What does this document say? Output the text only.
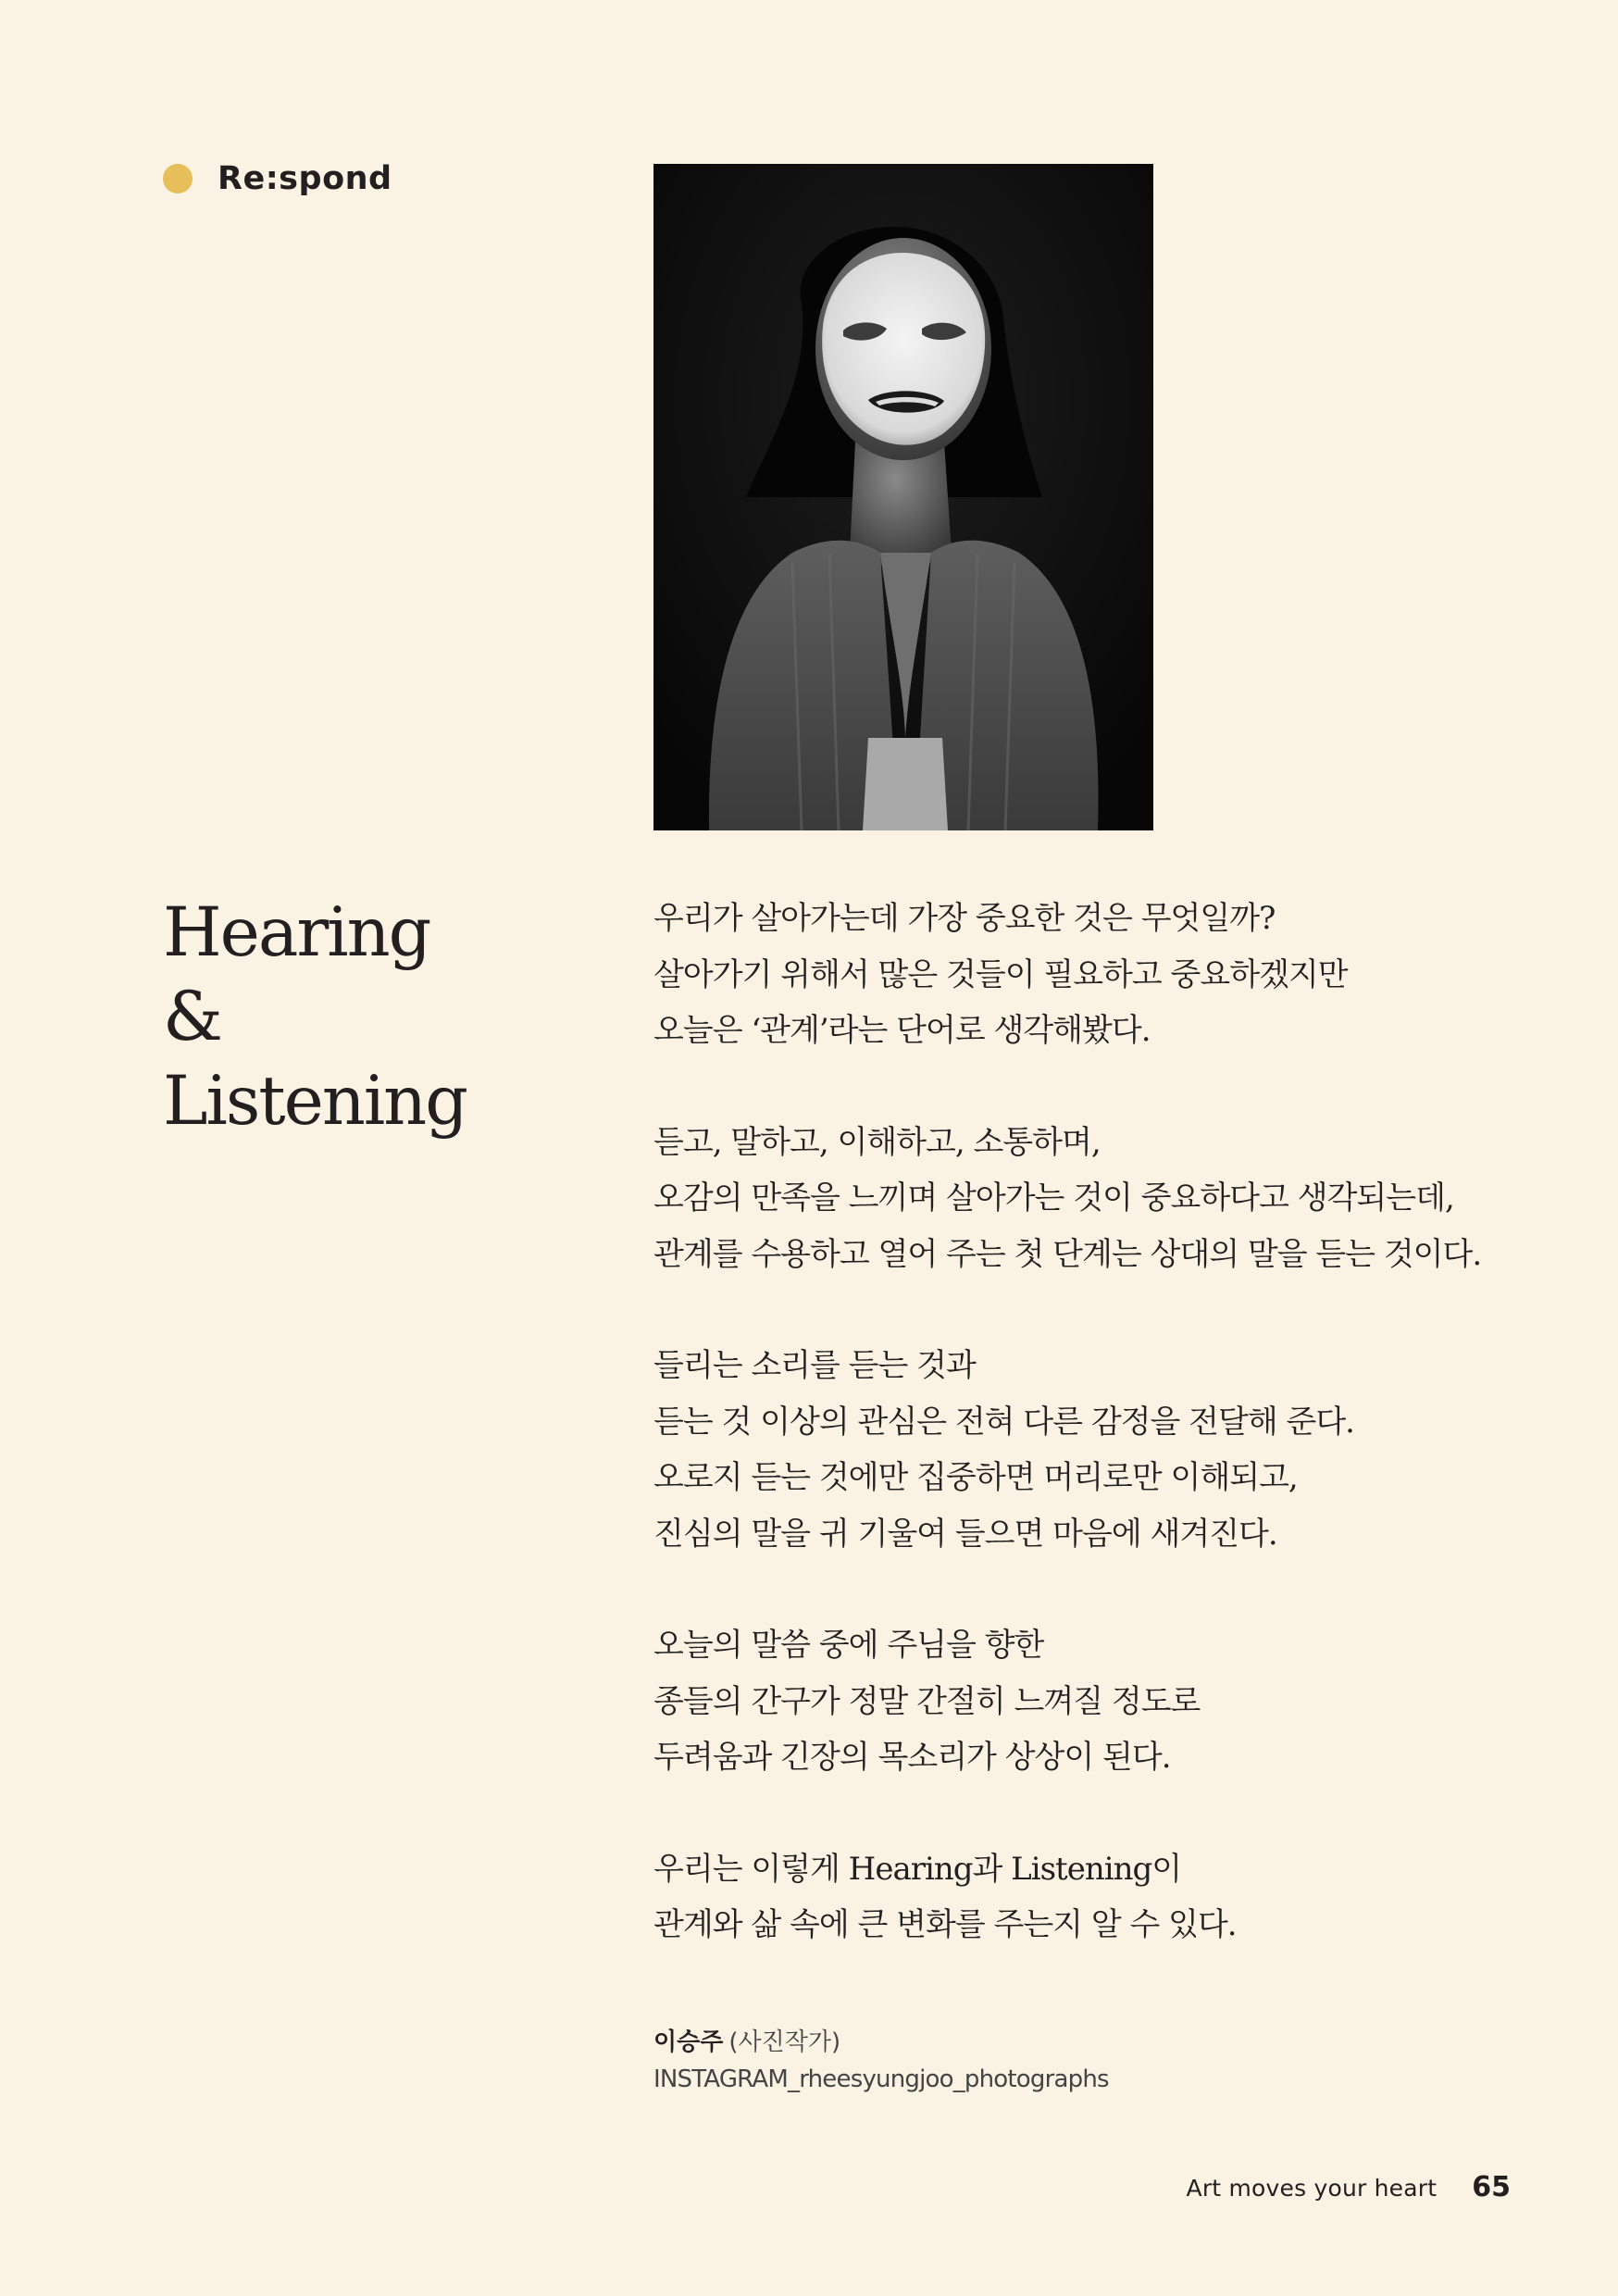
Re:spond
Hearing
&
Listening

우리가 살아가는데 가장 중요한 것은 무엇일까?
살아가기 위해서 많은 것들이 필요하고 중요하겠지만
오늘은 ‘관계’라는 단어로 생각해봤다.

듣고, 말하고, 이해하고, 소통하며,
오감의 만족을 느끼며 살아가는 것이 중요하다고 생각되는데,
관계를 수용하고 열어 주는 첫 단계는 상대의 말을 듣는 것이다.

들리는 소리를 듣는 것과
듣는 것 이상의 관심은 전혀 다른 감정을 전달해 준다.
오로지 듣는 것에만 집중하면 머리로만 이해되고,
진심의 말을 귀 기울여 들으면 마음에 새겨진다.

오늘의 말씀 중에 주님을 향한
종들의 간구가 정말 간절히 느껴질 정도로
두려움과 긴장의 목소리가 상상이 된다.

우리는 이렇게 Hearing과 Listening이
관계와 삶 속에 큰 변화를 주는지 알 수 있다.

이승주 (사진작가)
INSTAGRAM_rheesyungjoo_photographs
Art moves your heart 65
